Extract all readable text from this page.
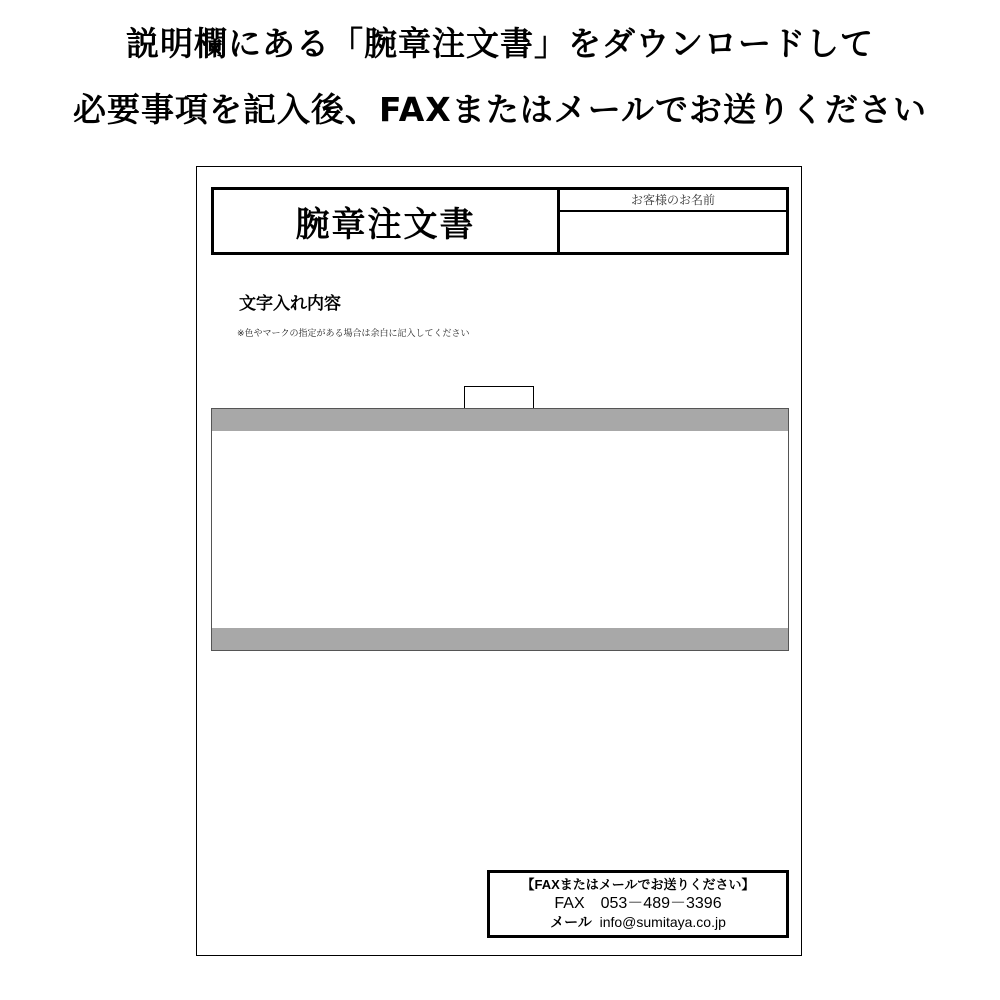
説明欄にある「腕章注文書」をダウンロードして
必要事項を記入後、FAXまたはメールでお送りください
腕章注文書
お客様のお名前
文字入れ内容
※色やマークの指定がある場合は余白に記入してください
【FAXまたはメールでお送りください】
FAX　053－489－3396
メール info@sumitaya.co.jp
